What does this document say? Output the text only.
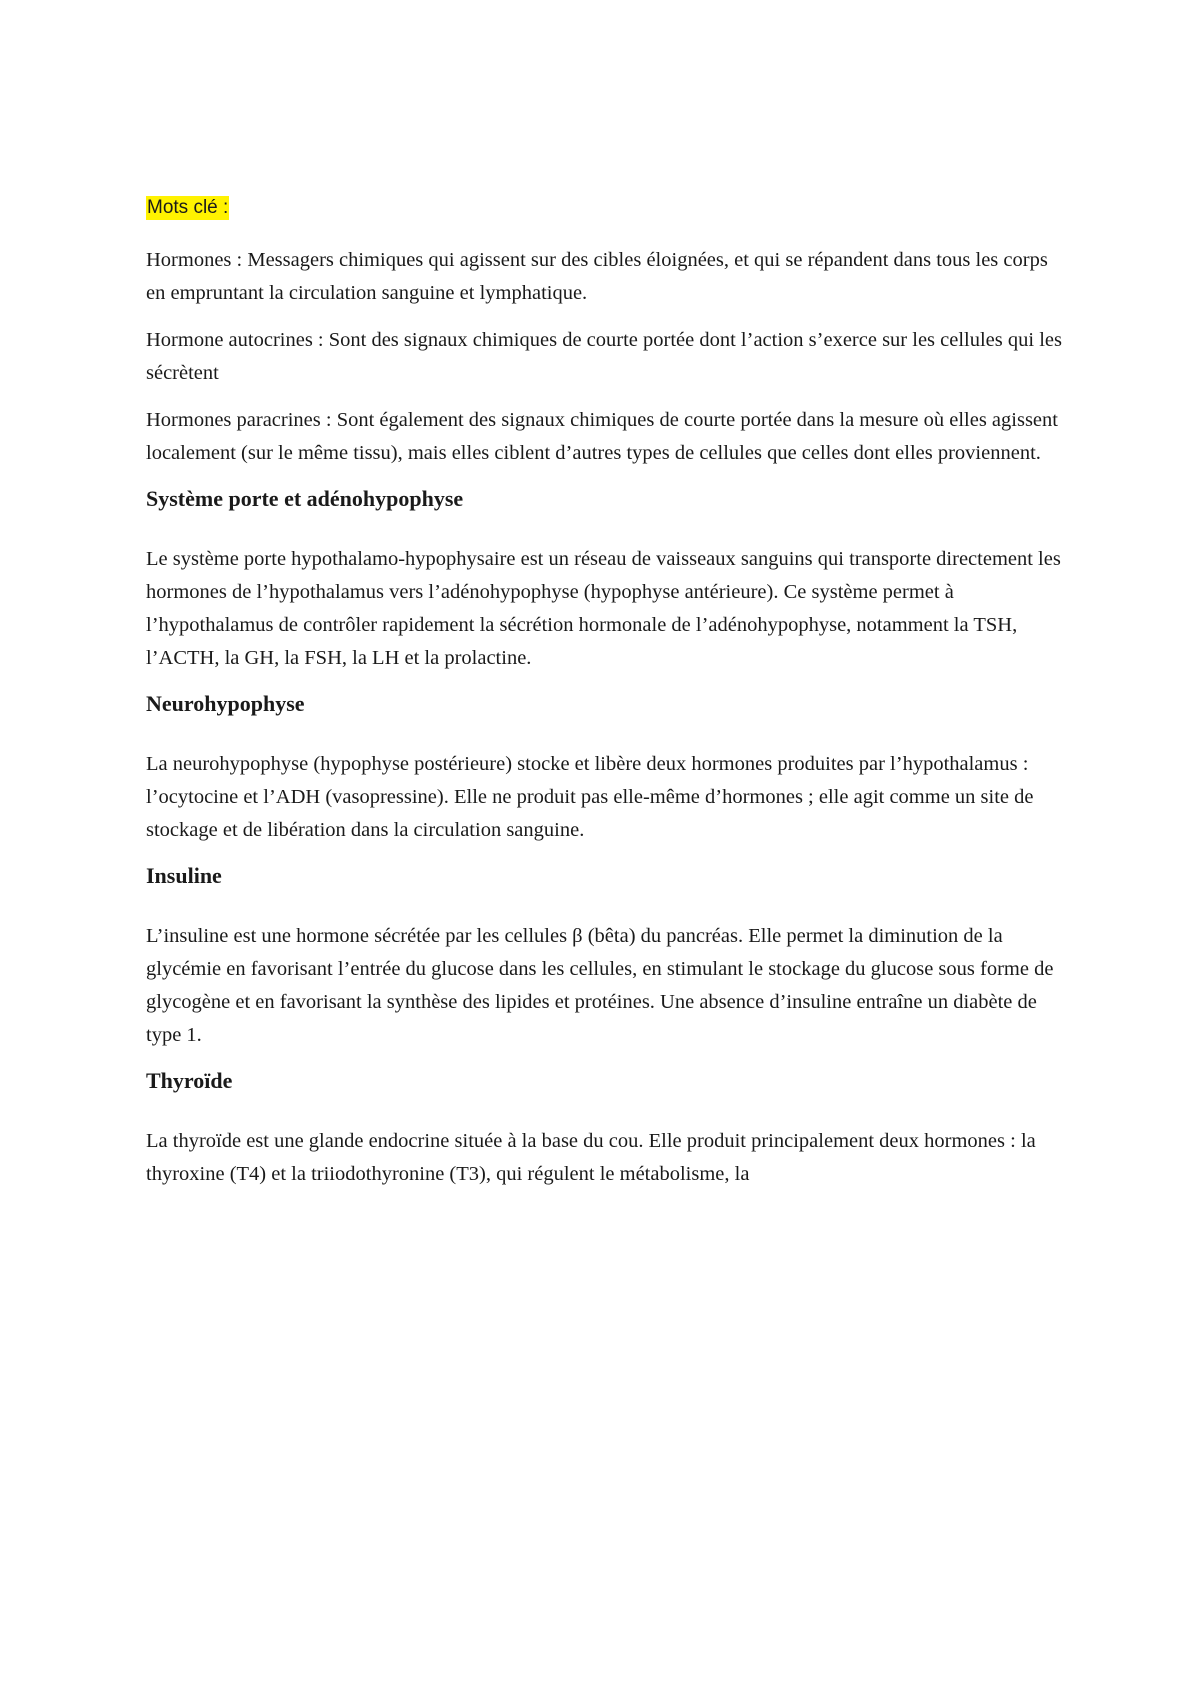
Mots clé :

Hormones : Messagers chimiques qui agissent sur des cibles éloignées, et qui se répandent dans tous les corps en empruntant la circulation sanguine et lymphatique.

Hormone autocrines : Sont des signaux chimiques de courte portée dont l’action s’exerce sur les cellules qui les sécrètent

Hormones paracrines : Sont également des signaux chimiques de courte portée dans la mesure où elles agissent localement (sur le même tissu), mais elles ciblent d’autres types de cellules que celles dont elles proviennent.

Système porte et adénohypophyse

Le système porte hypothalamo-hypophysaire est un réseau de vaisseaux sanguins qui transporte directement les hormones de l’hypothalamus vers l’adénohypophyse (hypophyse antérieure). Ce système permet à l’hypothalamus de contrôler rapidement la sécrétion hormonale de l’adénohypophyse, notamment la TSH, l’ACTH, la GH, la FSH, la LH et la prolactine.

Neurohypophyse

La neurohypophyse (hypophyse postérieure) stocke et libère deux hormones produites par l’hypothalamus : l’ocytocine et l’ADH (vasopressine). Elle ne produit pas elle-même d’hormones ; elle agit comme un site de stockage et de libération dans la circulation sanguine.

Insuline

L’insuline est une hormone sécrétée par les cellules β (bêta) du pancréas. Elle permet la diminution de la glycémie en favorisant l’entrée du glucose dans les cellules, en stimulant le stockage du glucose sous forme de glycogène et en favorisant la synthèse des lipides et protéines. Une absence d’insuline entraîne un diabète de type 1.

Thyroïde

La thyroïde est une glande endocrine située à la base du cou. Elle produit principalement deux hormones : la thyroxine (T4) et la triiodothyronine (T3), qui régulent le métabolisme, la
